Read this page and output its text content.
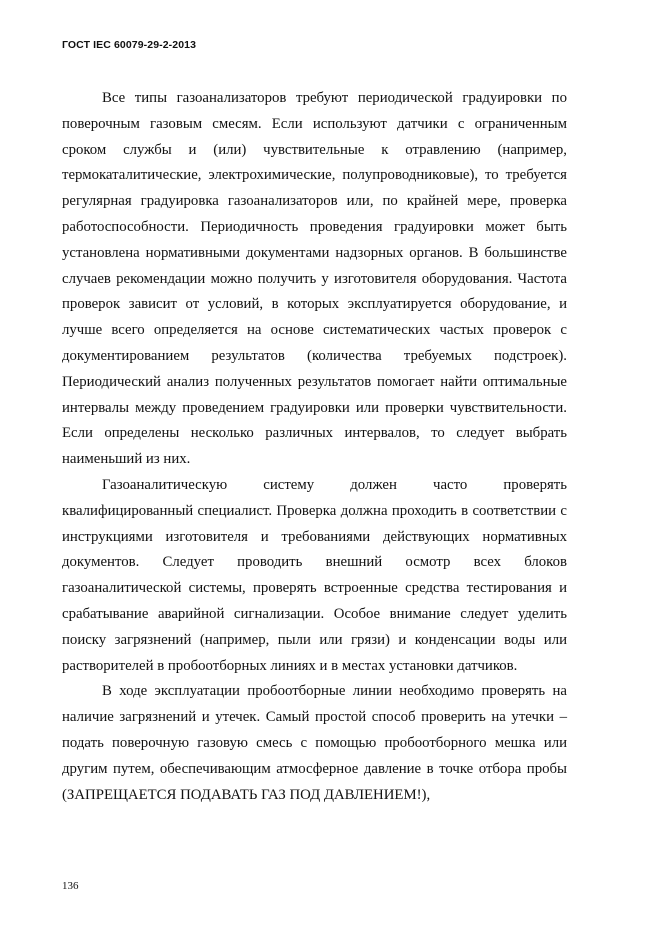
ГОСТ IEC 60079-29-2-2013

Все типы газоанализаторов требуют периодической градуировки по поверочным газовым смесям. Если используют датчики с ограниченным сроком службы и (или) чувствительные к отравлению (например, термокаталитические, электрохимические, полупроводниковые), то требуется регулярная градуировка газоанализаторов или, по крайней мере, проверка работоспособности. Периодичность проведения градуировки может быть установлена нормативными документами надзорных органов. В большинстве случаев рекомендации можно получить у изготовителя оборудования. Частота проверок зависит от условий, в которых эксплуатируется оборудование, и лучше всего определяется на основе систематических частых проверок с документированием результатов (количества требуемых подстроек). Периодический анализ полученных результатов помогает найти оптимальные интервалы между проведением градуировки или проверки чувствительности. Если определены несколько различных интервалов, то следует выбрать наименьший из них.

Газоаналитическую систему должен часто проверять квалифицированный специалист. Проверка должна проходить в соответствии с инструкциями изготовителя и требованиями действующих нормативных документов. Следует проводить внешний осмотр всех блоков газоаналитической системы, проверять встроенные средства тестирования и срабатывание аварийной сигнализации. Особое внимание следует уделить поиску загрязнений (например, пыли или грязи) и конденсации воды или растворителей в пробоотборных линиях и в местах установки датчиков.

В ходе эксплуатации пробоотборные линии необходимо проверять на наличие загрязнений и утечек. Самый простой способ проверить на утечки – подать поверочную газовую смесь с помощью пробоотборного мешка или другим путем, обеспечивающим атмосферное давление в точке отбора пробы (ЗАПРЕЩАЕТСЯ ПОДАВАТЬ ГАЗ ПОД ДАВЛЕНИЕМ!),

136
